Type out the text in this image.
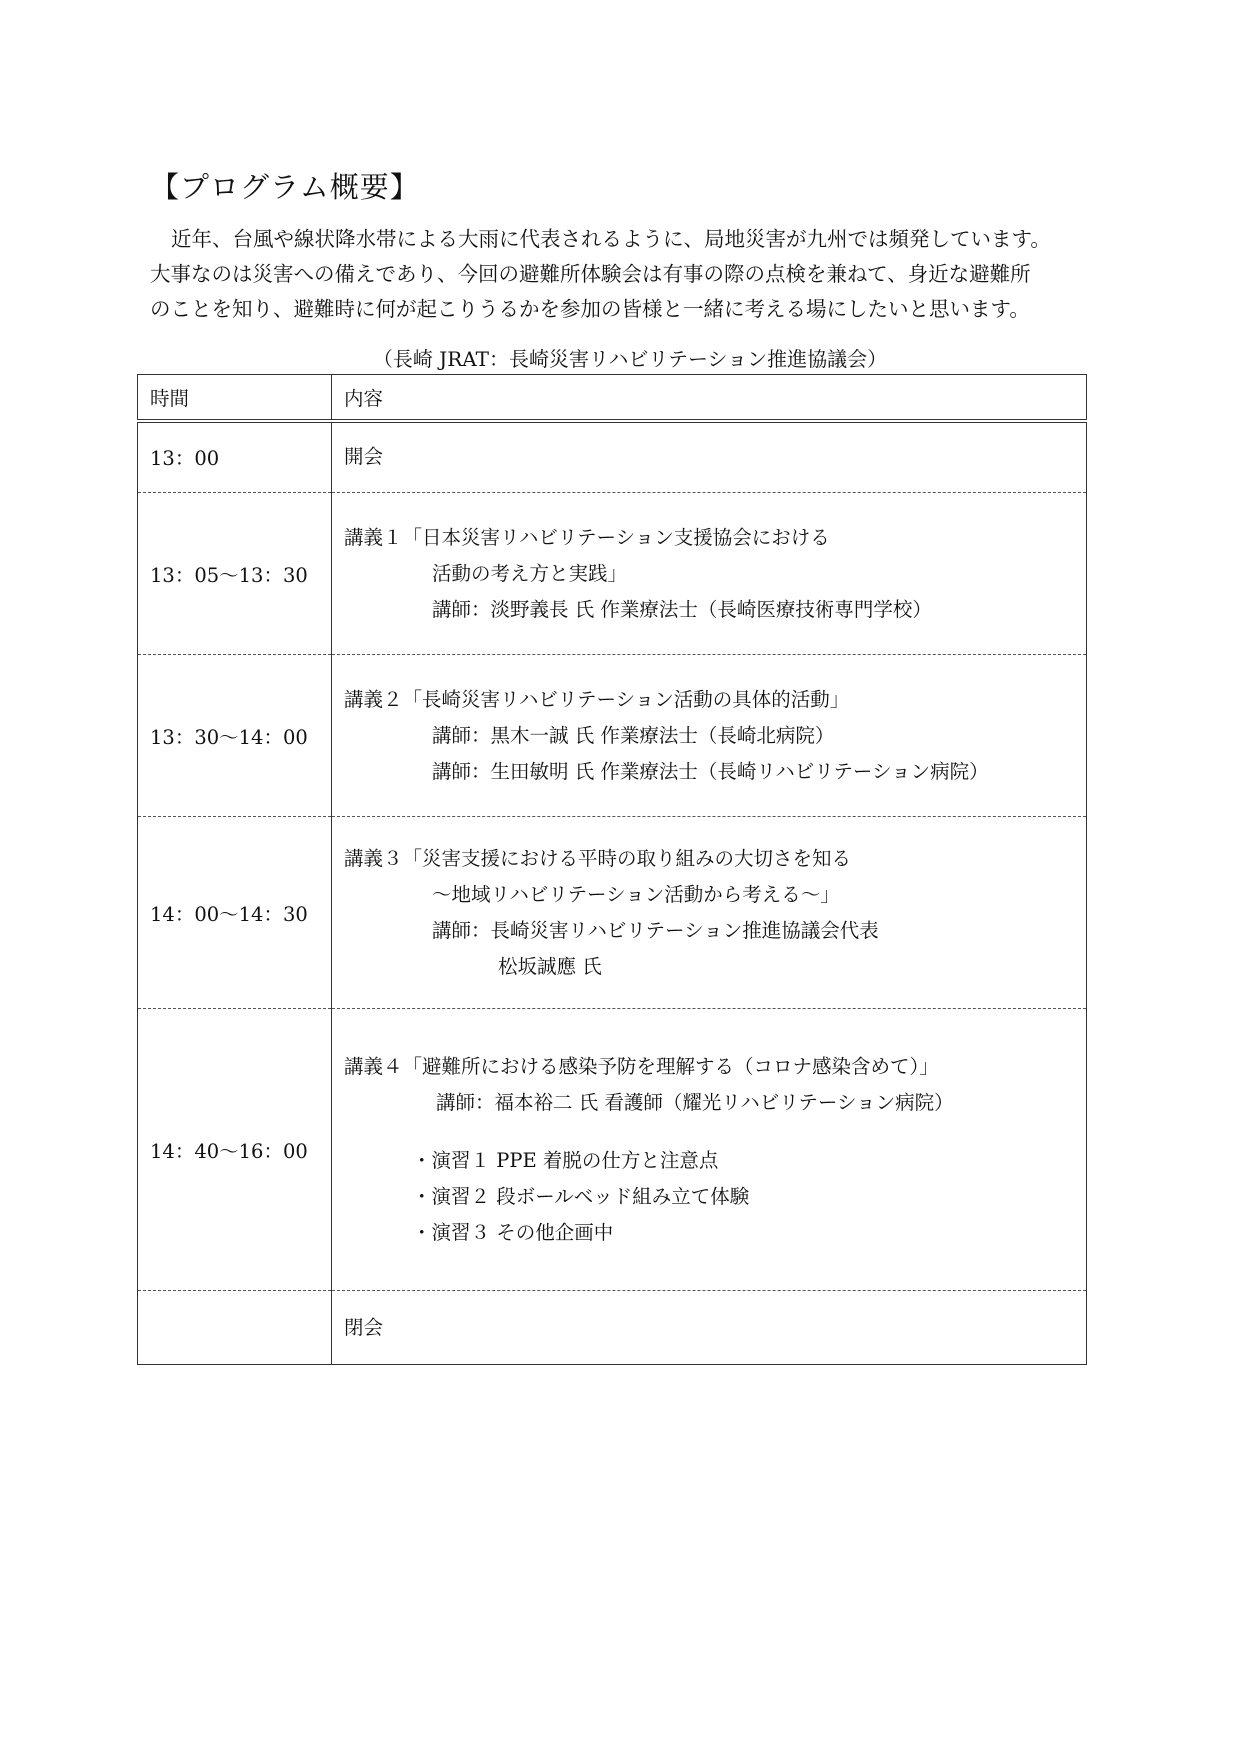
【プログラム概要】

近年、台風や線状降水帯による大雨に代表されるように、局地災害が九州では頻発しています。

大事なのは災害への備えであり、今回の避難所体験会は有事の際の点検を兼ねて、身近な避難所

のことを知り、避難時に何が起こりうるかを参加の皆様と一緒に考える場にしたいと思います。

（長崎 JRAT：長崎災害リハビリテーション推進協議会）
時間	内容
13：00	開会

13：05～13：30	講義１「日本災害リハビリテーション支援協会における
活動の考え方と実践」
講師：淡野義長 氏 作業療法士（長崎医療技術専門学校）

13：30～14：00	講義２「長崎災害リハビリテーション活動の具体的活動」
講師：黒木一誠 氏 作業療法士（長崎北病院）
講師：生田敏明 氏 作業療法士（長崎リハビリテーション病院）

14：00～14：30	講義３「災害支援における平時の取り組みの大切さを知る
～地域リハビリテーション活動から考える～」
講師：長崎災害リハビリテーション推進協議会代表
松坂誠應 氏

14：40～16：00	講義４「避難所における感染予防を理解する（コロナ感染含めて）」
講師：福本裕二 氏 看護師（耀光リハビリテーション病院）
・演習１ PPE 着脱の仕方と注意点
・演習２ 段ボールベッド組み立て体験
・演習３ その他企画中

	閉会
